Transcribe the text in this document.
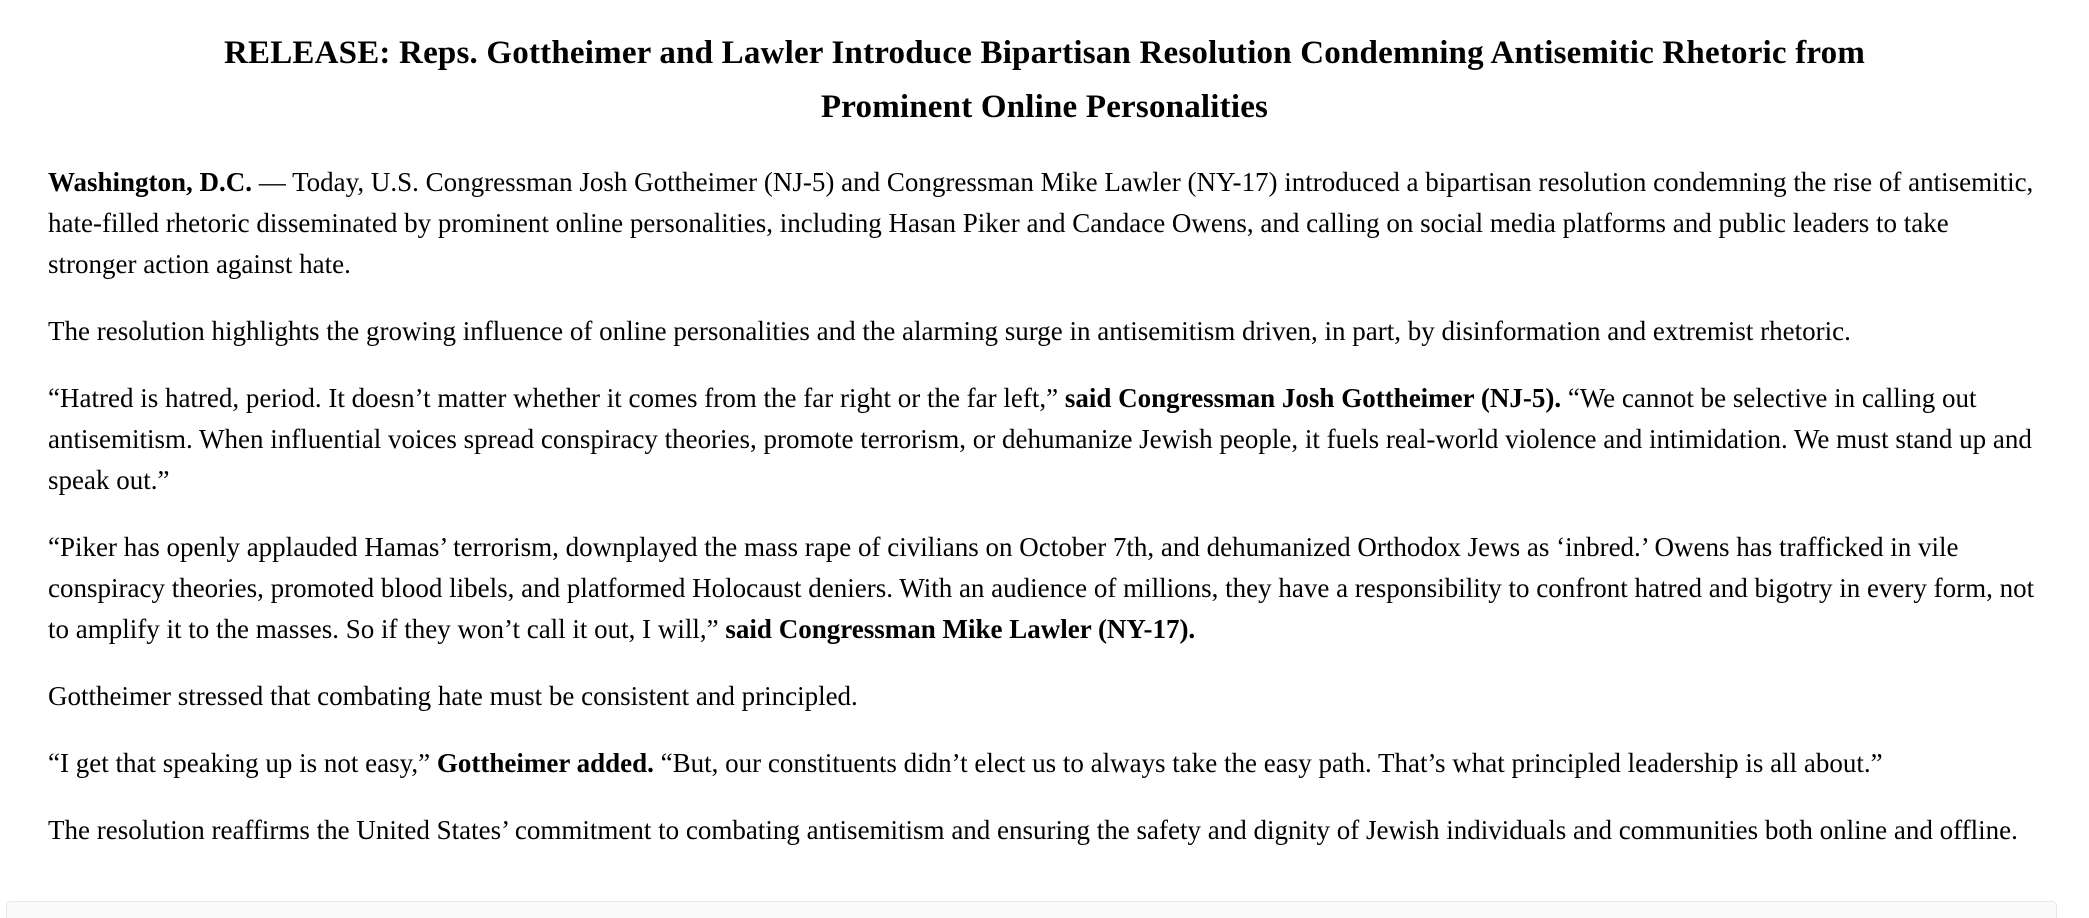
RELEASE: Reps. Gottheimer and Lawler Introduce Bipartisan Resolution Condemning Antisemitic Rhetoric from
Prominent Online Personalities

Washington, D.C. — Today, U.S. Congressman Josh Gottheimer (NJ-5) and Congressman Mike Lawler (NY-17) introduced a bipartisan resolution condemning the rise of antisemitic, hate-filled rhetoric disseminated by prominent online personalities, including Hasan Piker and Candace Owens, and calling on social media platforms and public leaders to take stronger action against hate.

The resolution highlights the growing influence of online personalities and the alarming surge in antisemitism driven, in part, by disinformation and extremist rhetoric.

“Hatred is hatred, period. It doesn’t matter whether it comes from the far right or the far left,” said Congressman Josh Gottheimer (NJ-5). “We cannot be selective in calling out antisemitism. When influential voices spread conspiracy theories, promote terrorism, or dehumanize Jewish people, it fuels real-world violence and intimidation. We must stand up and speak out.”

“Piker has openly applauded Hamas’ terrorism, downplayed the mass rape of civilians on October 7th, and dehumanized Orthodox Jews as ‘inbred.’ Owens has trafficked in vile conspiracy theories, promoted blood libels, and platformed Holocaust deniers. With an audience of millions, they have a responsibility to confront hatred and bigotry in every form, not to amplify it to the masses. So if they won’t call it out, I will,” said Congressman Mike Lawler (NY-17).

Gottheimer stressed that combating hate must be consistent and principled.

“I get that speaking up is not easy,” Gottheimer added. “But, our constituents didn’t elect us to always take the easy path. That’s what principled leadership is all about.”

The resolution reaffirms the United States’ commitment to combating antisemitism and ensuring the safety and dignity of Jewish individuals and communities both online and offline.
